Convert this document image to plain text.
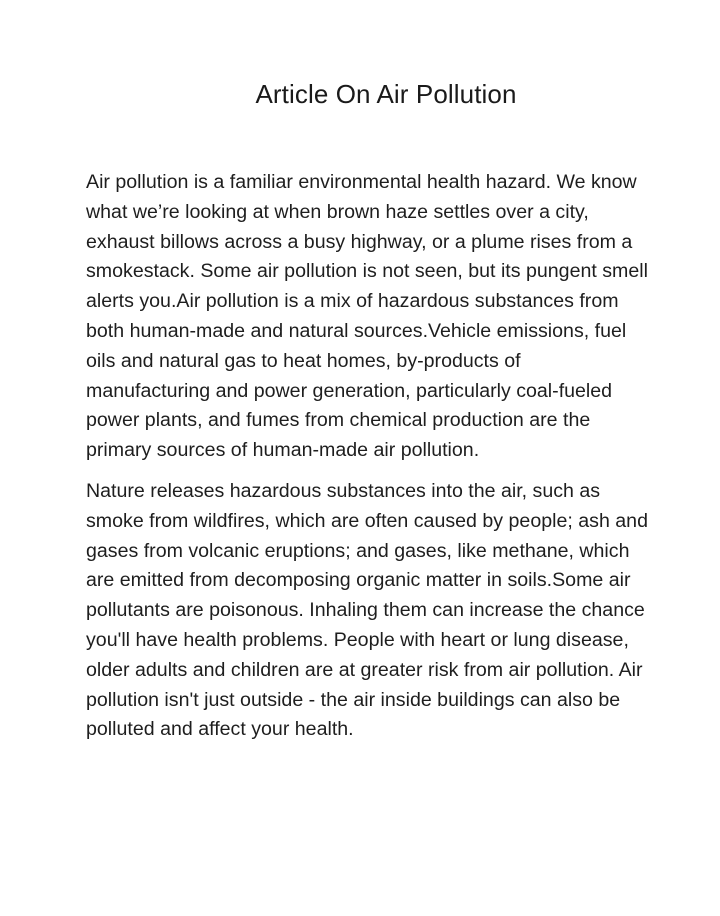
Article On Air Pollution

Air pollution is a familiar environmental health hazard. We know what we’re looking at when brown haze settles over a city, exhaust billows across a busy highway, or a plume rises from a smokestack. Some air pollution is not seen, but its pungent smell alerts you.Air pollution is a mix of hazardous substances from both human-made and natural sources.Vehicle emissions, fuel oils and natural gas to heat homes, by-products of manufacturing and power generation, particularly coal-fueled power plants, and fumes from chemical production are the primary sources of human-made air pollution.

Nature releases hazardous substances into the air, such as smoke from wildfires, which are often caused by people; ash and gases from volcanic eruptions; and gases, like methane, which are emitted from decomposing organic matter in soils.Some air pollutants are poisonous. Inhaling them can increase the chance you'll have health problems. People with heart or lung disease, older adults and children are at greater risk from air pollution. Air pollution isn't just outside - the air inside buildings can also be polluted and affect your health.
